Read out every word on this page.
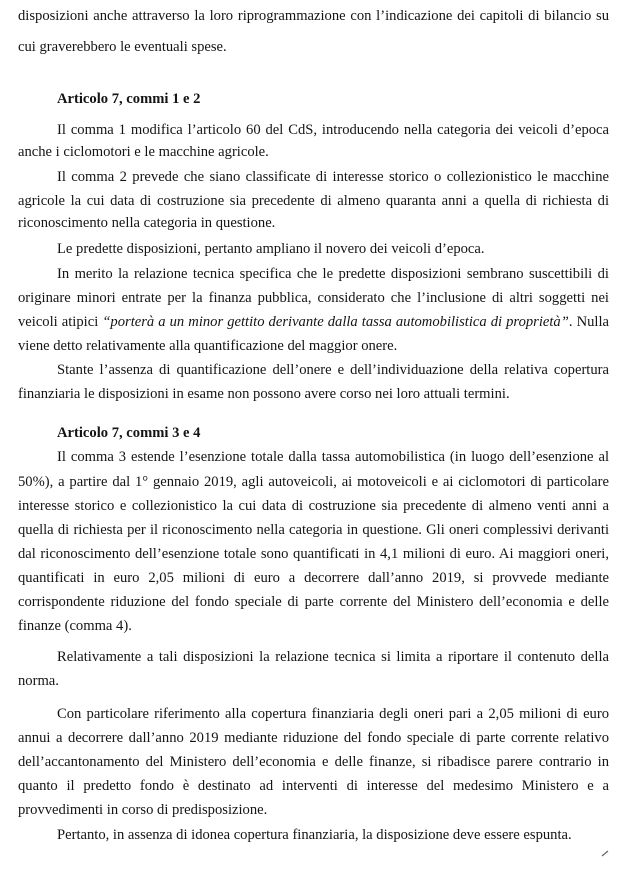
disposizioni anche attraverso la loro riprogrammazione con l’indicazione dei capitoli di bilancio su
cui graverebbero le eventuali spese.
Articolo 7, commi 1 e 2
Il comma 1 modifica l’articolo 60 del CdS, introducendo nella categoria dei veicoli d’epoca
anche i ciclomotori e le macchine agricole.
Il comma 2 prevede che siano classificate di interesse storico o collezionistico le macchine
agricole la cui data di costruzione sia precedente di almeno quaranta anni a quella di richiesta di
riconoscimento nella categoria in questione.
Le predette disposizioni, pertanto ampliano il novero dei veicoli d’epoca.
In merito la relazione tecnica specifica che le predette disposizioni sembrano suscettibili di
originare minori entrate per la finanza pubblica, considerato che l’inclusione di altri soggetti nei
veicoli atipici “porterà a un minor gettito derivante dalla tassa automobilistica di proprietà”. Nulla
viene detto relativamente alla quantificazione del maggior onere.
Stante l’assenza di quantificazione dell’onere e dell’individuazione della relativa copertura
finanziaria le disposizioni in esame non possono avere corso nei loro attuali termini.
Articolo 7, commi 3 e 4
Il comma 3 estende l’esenzione totale dalla tassa automobilistica (in luogo dell’esenzione al
50%), a partire dal 1° gennaio 2019, agli autoveicoli, ai motoveicoli e ai ciclomotori di particolare
interesse storico e collezionistico la cui data di costruzione sia precedente di almeno venti anni a
quella di richiesta per il riconoscimento nella categoria in questione. Gli oneri complessivi derivanti
dal riconoscimento dell’esenzione totale sono quantificati in 4,1 milioni di euro. Ai maggiori oneri,
quantificati in euro 2,05 milioni di euro a decorrere dall’anno 2019, si provvede mediante
corrispondente riduzione del fondo speciale di parte corrente del Ministero dell’economia e delle
finanze (comma 4).
Relativamente a tali disposizioni la relazione tecnica si limita a riportare il contenuto della
norma.
Con particolare riferimento alla copertura finanziaria degli oneri pari a 2,05 milioni di euro
annui a decorrere dall’anno 2019 mediante riduzione del fondo speciale di parte corrente relativo
dell’accantonamento del Ministero dell’economia e delle finanze, si ribadisce parere contrario in
quanto il predetto fondo è destinato ad interventi di interesse del medesimo Ministero e a
provvedimenti in corso di predisposizione.
Pertanto, in assenza di idonea copertura finanziaria, la disposizione deve essere espunta.
